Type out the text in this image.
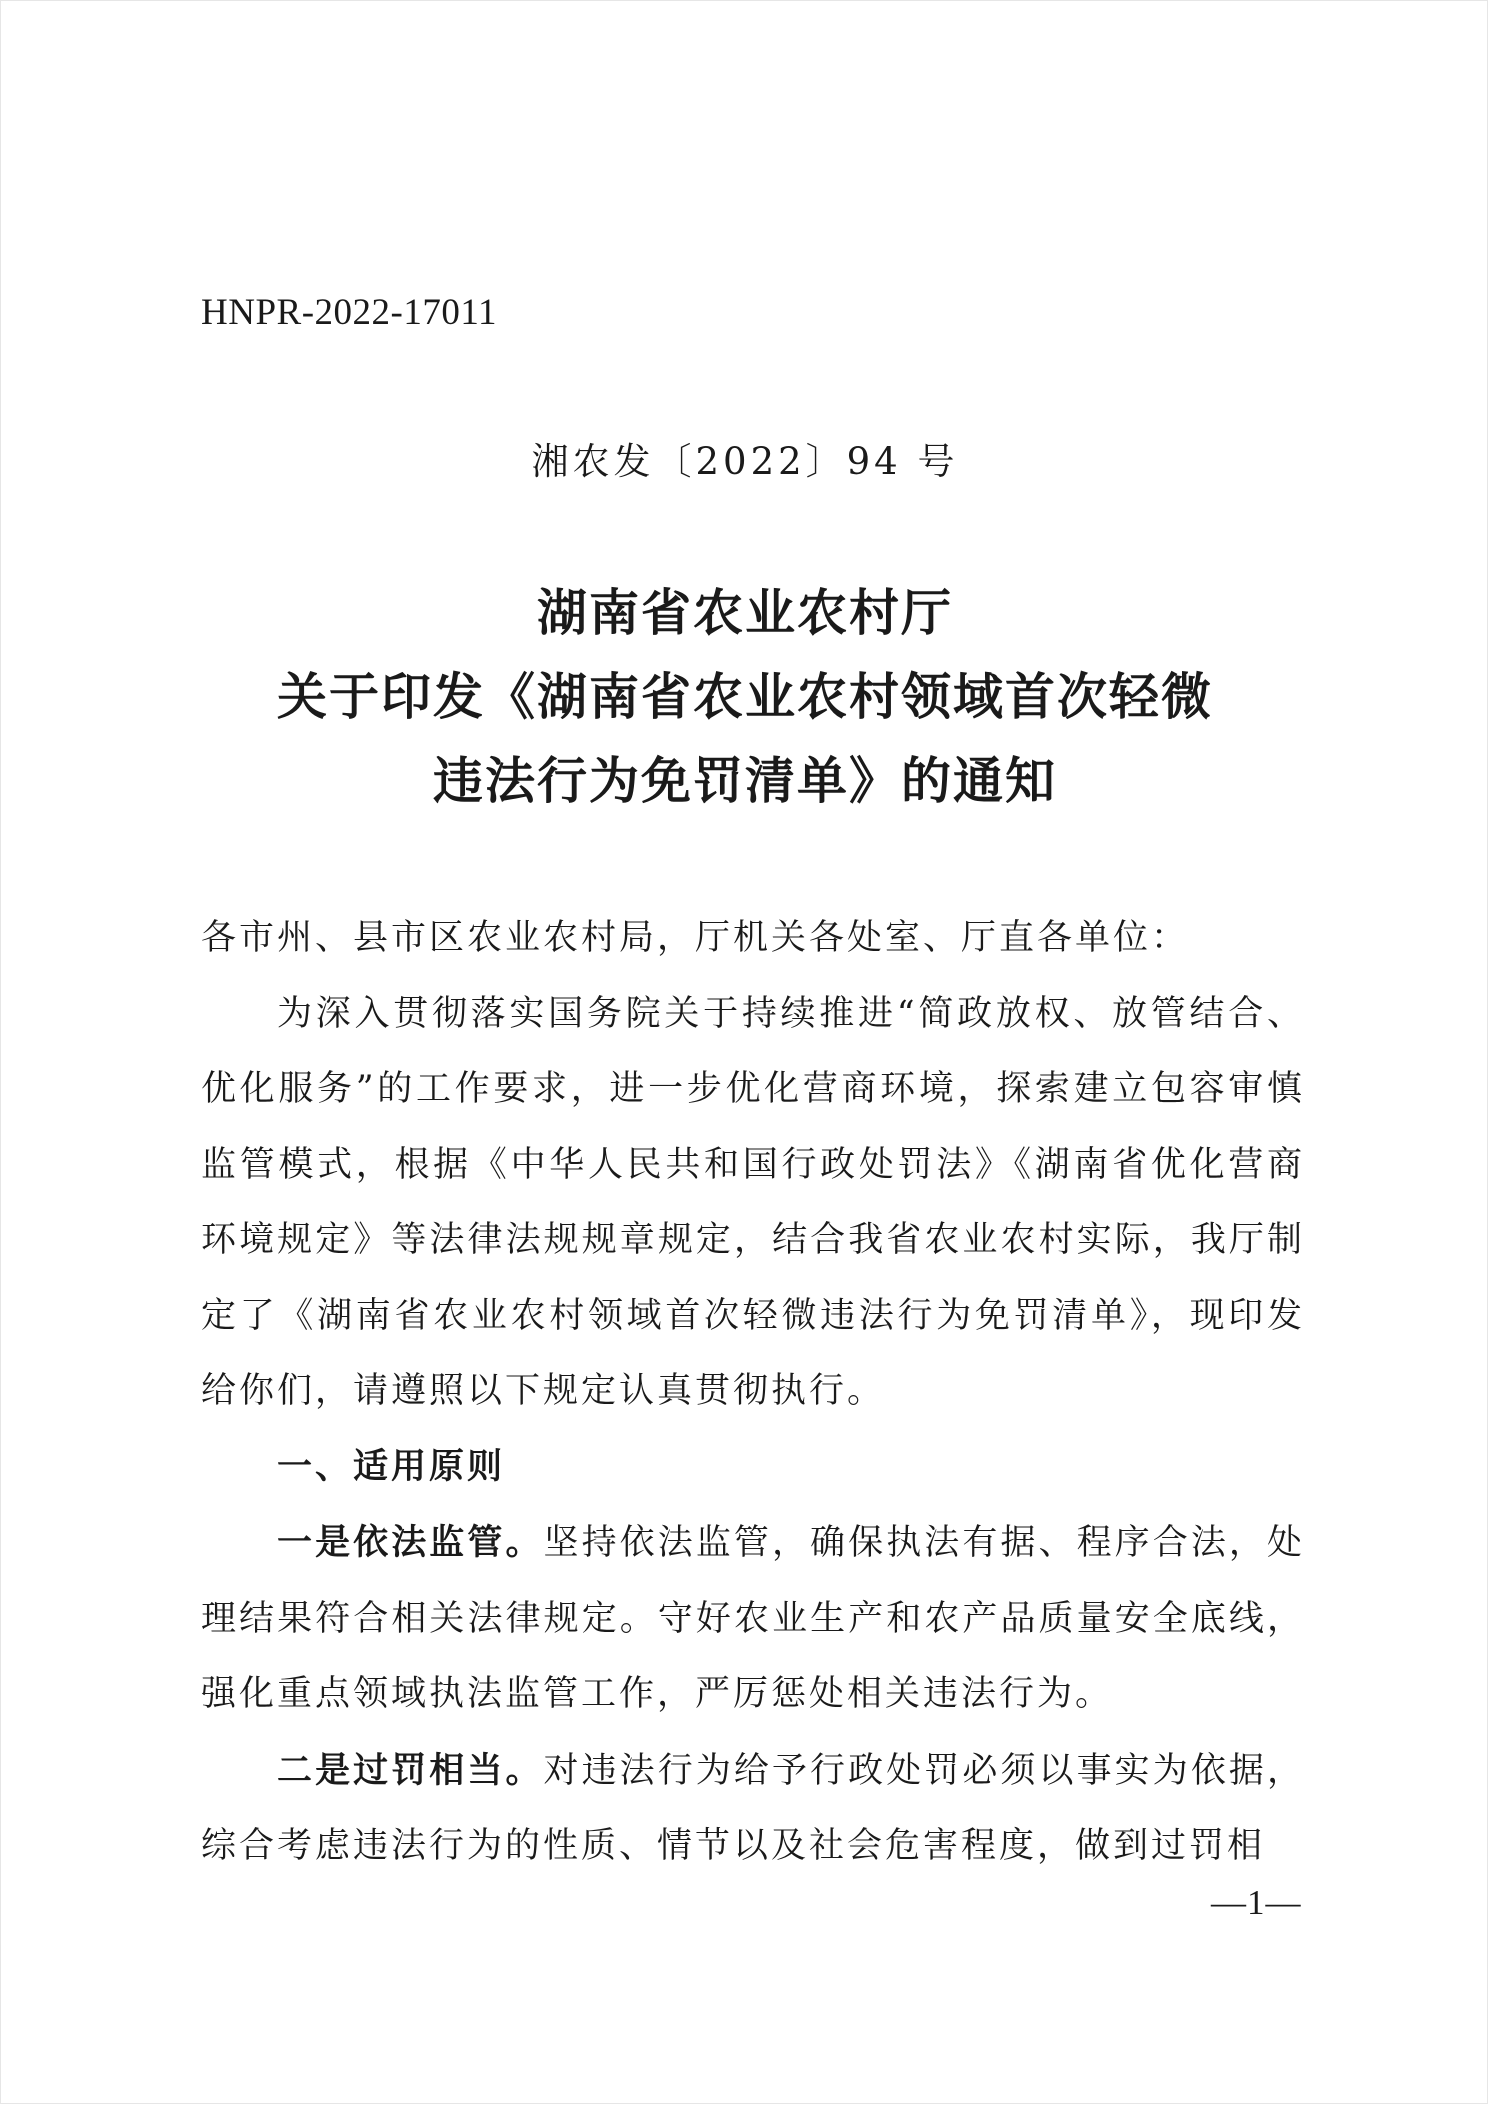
HNPR-2022-17011
湘农发〔2022〕94 号
湖南省农业农村厅
关于印发《湖南省农业农村领域首次轻微
违法行为免罚清单》的通知

各市州、县市区农业农村局，厅机关各处室、厅直各单位：

为深入贯彻落实国务院关于持续推进“简政放权、放管结合、优化服务”的工作要求，进一步优化营商环境，探索建立包容审慎监管模式，根据《中华人民共和国行政处罚法》《湖南省优化营商环境规定》等法律法规规章规定，结合我省农业农村实际，我厅制定了《湖南省农业农村领域首次轻微违法行为免罚清单》，现印发给你们，请遵照以下规定认真贯彻执行。

一、适用原则

一是依法监管。坚持依法监管，确保执法有据、程序合法，处理结果符合相关法律规定。守好农业生产和农产品质量安全底线，强化重点领域执法监管工作，严厉惩处相关违法行为。

二是过罚相当。对违法行为给予行政处罚必须以事实为依据，综合考虑违法行为的性质、情节以及社会危害程度，做到过罚相

—1—
